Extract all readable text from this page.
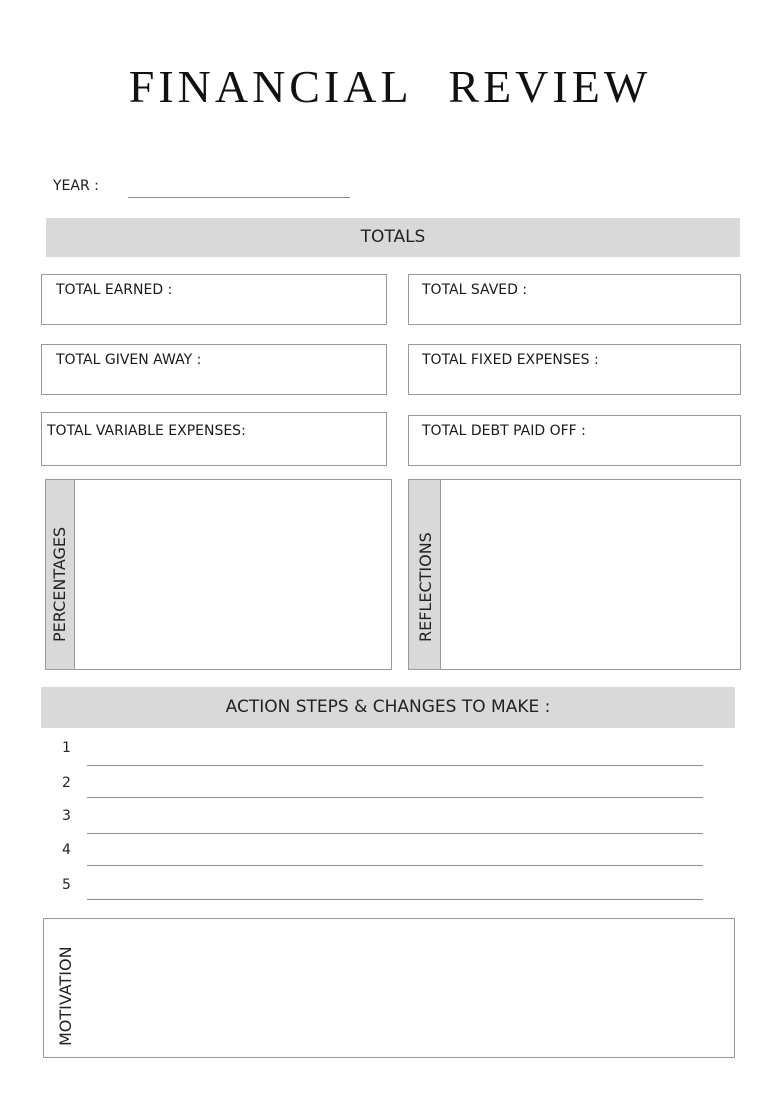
FINANCIAL REVIEW
YEAR :
TOTALS
TOTAL EARNED :	TOTAL SAVED :
TOTAL GIVEN AWAY :	TOTAL FIXED EXPENSES :
TOTAL VARIABLE EXPENSES:	TOTAL DEBT PAID OFF :
PERCENTAGES	REFLECTIONS
ACTION STEPS & CHANGES TO MAKE :
1
2
3
4
5
MOTIVATION
